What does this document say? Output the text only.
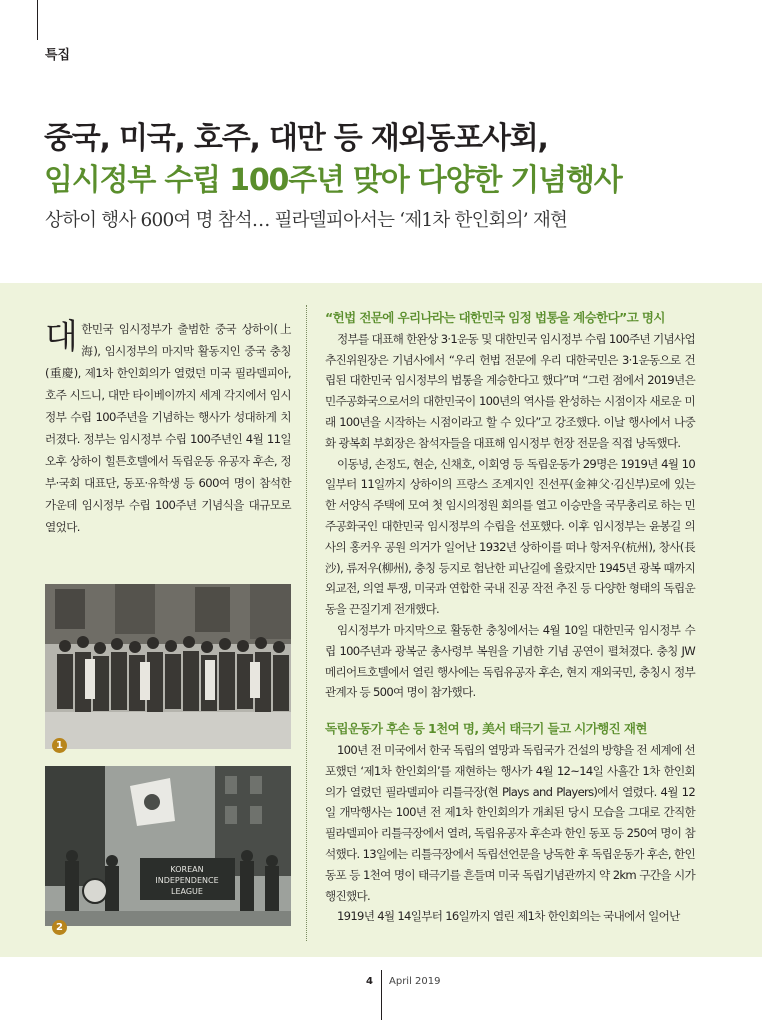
특집
중국, 미국, 호주, 대만 등 재외동포사회,
임시정부 수립 100주년 맞아 다양한 기념행사
상하이 행사 600여 명 참석… 필라델피아서는 ‘제1차 한인회의’ 재현
대한민국 임시정부가 출범한 중국 상하이(上海), 임시정부의 마지막 활동지인 중국 충칭(重慶), 제1차 한인회의가 열렸던 미국 필라델피아, 호주 시드니, 대만 타이베이까지 세계 각지에서 임시정부 수립 100주년을 기념하는 행사가 성대하게 치러졌다. 정부는 임시정부 수립 100주년인 4월 11일 오후 상하이 힐튼호텔에서 독립운동 유공자 후손, 정부·국회 대표단, 동포·유학생 등 600여 명이 참석한 가운데 임시정부 수립 100주년 기념식을 대규모로 열었다.
1
KOREAN
INDEPENDENCE
LEAGUE
2
“헌법 전문에 우리나라는 대한민국 임정 법통을 계승한다”고 명시

정부를 대표해 한완상 3·1운동 및 대한민국 임시정부 수립 100주년 기념사업추진위원장은 기념사에서 “우리 헌법 전문에 우리 대한국민은 3·1운동으로 건립된 대한민국 임시정부의 법통을 계승한다고 했다”며 “그런 점에서 2019년은 민주공화국으로서의 대한민국이 100년의 역사를 완성하는 시점이자 새로운 미래 100년을 시작하는 시점이라고 할 수 있다”고 강조했다. 이날 행사에서 나중화 광복회 부회장은 참석자들을 대표해 임시정부 헌장 전문을 직접 낭독했다.

이동녕, 손정도, 현순, 신채호, 이회영 등 독립운동가 29명은 1919년 4월 10일부터 11일까지 상하이의 프랑스 조계지인 진선푸(金神父·김신부)로에 있는 한 서양식 주택에 모여 첫 임시의정원 회의를 열고 이승만을 국무총리로 하는 민주공화국인 대한민국 임시정부의 수립을 선포했다. 이후 임시정부는 윤봉길 의사의 홍커우 공원 의거가 일어난 1932년 상하이를 떠나 항저우(杭州), 창사(長沙), 류저우(柳州), 충칭 등지로 험난한 피난길에 올랐지만 1945년 광복 때까지 외교전, 의열 투쟁, 미국과 연합한 국내 진공 작전 추진 등 다양한 형태의 독립운동을 끈질기게 전개했다.

임시정부가 마지막으로 활동한 충칭에서는 4월 10일 대한민국 임시정부 수립 100주년과 광복군 총사령부 복원을 기념한 기념 공연이 펼쳐졌다. 충칭 JW메리어트호텔에서 열린 행사에는 독립유공자 후손, 현지 재외국민, 충칭시 정부 관계자 등 500여 명이 참가했다.

독립운동가 후손 등 1천여 명, 美서 태극기 들고 시가행진 재현

100년 전 미국에서 한국 독립의 열망과 독립국가 건설의 방향을 전 세계에 선포했던 ‘제1차 한인회의’를 재현하는 행사가 4월 12~14일 사흘간 1차 한인회의가 열렸던 필라델피아 리틀극장(현 Plays and Players)에서 열렸다. 4월 12일 개막행사는 100년 전 제1차 한인회의가 개최된 당시 모습을 그대로 간직한 필라델피아 리틀극장에서 열려, 독립유공자 후손과 한인 동포 등 250여 명이 참석했다. 13일에는 리틀극장에서 독립선언문을 낭독한 후 독립운동가 후손, 한인동포 등 1천여 명이 태극기를 흔들며 미국 독립기념관까지 약 2km 구간을 시가행진했다.

1919년 4월 14일부터 16일까지 열린 제1차 한인회의는 국내에서 일어난

4 April 2019
